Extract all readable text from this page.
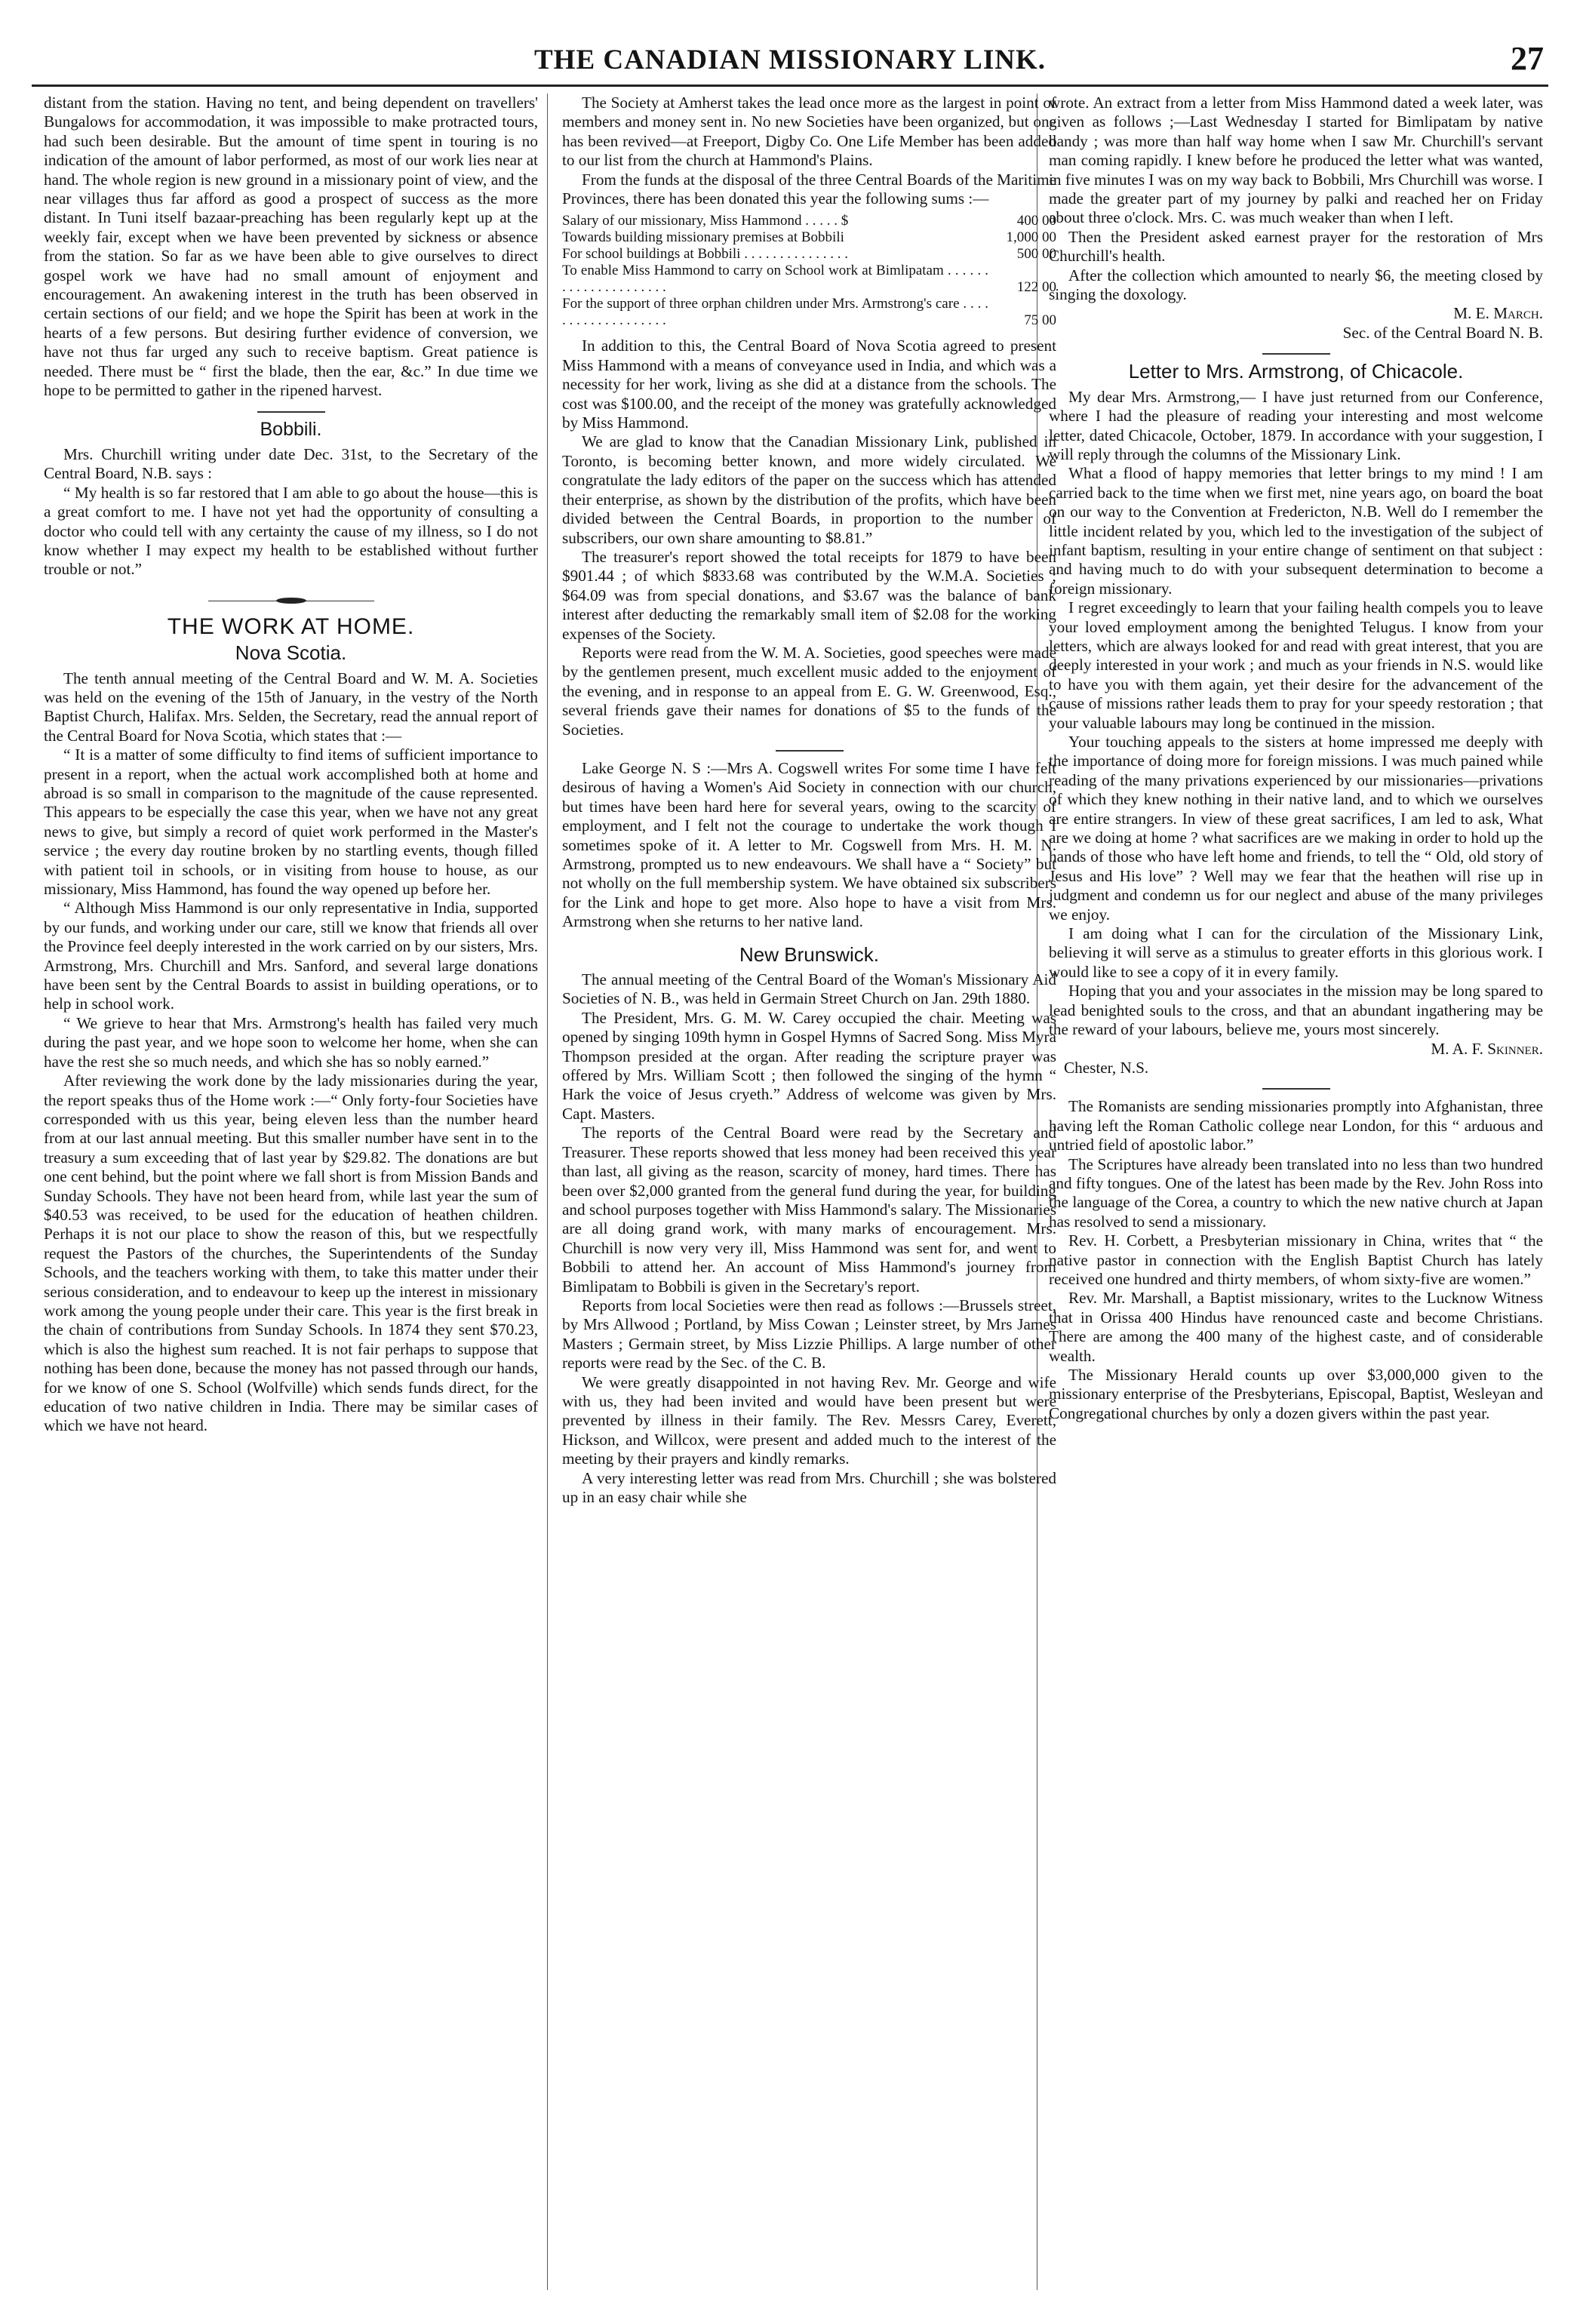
THE CANADIAN MISSIONARY LINK.	27

distant from the station. Having no tent, and being dependent on travellers' Bungalows for accommodation, it was impossible to make protracted tours, had such been desirable. But the amount of time spent in touring is no indication of the amount of labor performed, as most of our work lies near at hand. The whole region is new ground in a missionary point of view, and the near villages thus far afford as good a prospect of success as the more distant. In Tuni itself bazaar-preaching has been regularly kept up at the weekly fair, except when we have been prevented by sickness or absence from the station. So far as we have been able to give ourselves to direct gospel work we have had no small amount of enjoyment and encouragement. An awakening interest in the truth has been observed in certain sections of our field; and we hope the Spirit has been at work in the hearts of a few persons. But desiring further evidence of conversion, we have not thus far urged any such to receive baptism. Great patience is needed. There must be “ first the blade, then the ear, &c.” In due time we hope to be permitted to gather in the ripened harvest.

Bobbili.

Mrs. Churchill writing under date Dec. 31st, to the Secretary of the Central Board, N.B. says :

“ My health is so far restored that I am able to go about the house—this is a great comfort to me. I have not yet had the opportunity of consulting a doctor who could tell with any certainty the cause of my illness, so I do not know whether I may expect my health to be established without further trouble or not.”

THE WORK AT HOME.
Nova Scotia.

The tenth annual meeting of the Central Board and W. M. A. Societies was held on the evening of the 15th of January, in the vestry of the North Baptist Church, Halifax. Mrs. Selden, the Secretary, read the annual report of the Central Board for Nova Scotia, which states that :—

“ It is a matter of some difficulty to find items of sufficient importance to present in a report, when the actual work accomplished both at home and abroad is so small in comparison to the magnitude of the cause represented. This appears to be especially the case this year, when we have not any great news to give, but simply a record of quiet work performed in the Master's service ; the every day routine broken by no startling events, though filled with patient toil in schools, or in visiting from house to house, as our missionary, Miss Hammond, has found the way opened up before her.

“ Although Miss Hammond is our only representative in India, supported by our funds, and working under our care, still we know that friends all over the Province feel deeply interested in the work carried on by our sisters, Mrs. Armstrong, Mrs. Churchill and Mrs. Sanford, and several large donations have been sent by the Central Boards to assist in building operations, or to help in school work.

“ We grieve to hear that Mrs. Armstrong's health has failed very much during the past year, and we hope soon to welcome her home, when she can have the rest she so much needs, and which she has so nobly earned.”

After reviewing the work done by the lady missionaries during the year, the report speaks thus of the Home work :—“ Only forty-four Societies have corresponded with us this year, being eleven less than the number heard from at our last annual meeting. But this smaller number have sent in to the treasury a sum exceeding that of last year by $29.82. The donations are but one cent behind, but the point where we fall short is from Mission Bands and Sunday Schools. They have not been heard from, while last year the sum of $40.53 was received, to be used for the education of heathen children. Perhaps it is not our place to show the reason of this, but we respectfully request the Pastors of the churches, the Superintendents of the Sunday Schools, and the teachers working with them, to take this matter under their serious consideration, and to endeavour to keep up the interest in missionary work among the young people under their care. This year is the first break in the chain of contributions from Sunday Schools. In 1874 they sent $70.23, which is also the highest sum reached. It is not fair perhaps to suppose that nothing has been done, because the money has not passed through our hands, for we know of one S. School (Wolfville) which sends funds direct, for the education of two native children in India. There may be similar cases of which we have not heard.

The Society at Amherst takes the lead once more as the largest in point of members and money sent in. No new Societies have been organized, but one has been revived—at Freeport, Digby Co. One Life Member has been added to our list from the church at Hammond's Plains.

From the funds at the disposal of the three Central Boards of the Maritime Provinces, there has been donated this year the following sums :—

Salary of our missionary, Miss Hammond . . . . . $	400 00
Towards building missionary premises at Bobbili	1,000 00
For school buildings at Bobbili . . . . . . . . . . . . . . .	500 00
To enable Miss Hammond to carry on School work at Bimlipatam . . . . . . . . . . . . . . . . . . . . .	122 00
For the support of three orphan children under Mrs. Armstrong's care . . . . . . . . . . . . . . . . . . .	75 00

In addition to this, the Central Board of Nova Scotia agreed to present Miss Hammond with a means of conveyance used in India, and which was a necessity for her work, living as she did at a distance from the schools. The cost was $100.00, and the receipt of the money was gratefully acknowledged by Miss Hammond.

We are glad to know that the Canadian Missionary Link, published in Toronto, is becoming better known, and more widely circulated. We congratulate the lady editors of the paper on the success which has attended their enterprise, as shown by the distribution of the profits, which have been divided between the Central Boards, in proportion to the number of subscribers, our own share amounting to $8.81.”

The treasurer's report showed the total receipts for 1879 to have been $901.44 ; of which $833.68 was contributed by the W.M.A. Societies ; $64.09 was from special donations, and $3.67 was the balance of bank interest after deducting the remarkably small item of $2.08 for the working expenses of the Society.

Reports were read from the W. M. A. Societies, good speeches were made by the gentlemen present, much excellent music added to the enjoyment of the evening, and in response to an appeal from E. G. W. Greenwood, Esq., several friends gave their names for donations of $5 to the funds of the Societies.

Lake George N. S :—Mrs A. Cogswell writes For some time I have felt desirous of having a Women's Aid Society in connection with our church, but times have been hard here for several years, owing to the scarcity of employment, and I felt not the courage to undertake the work though I sometimes spoke of it. A letter to Mr. Cogswell from Mrs. H. M. N. Armstrong, prompted us to new endeavours. We shall have a “ Society” but not wholly on the full membership system. We have obtained six subscribers for the Link and hope to get more. Also hope to have a visit from Mrs. Armstrong when she returns to her native land.

New Brunswick.

The annual meeting of the Central Board of the Woman's Missionary Aid Societies of N. B., was held in Germain Street Church on Jan. 29th 1880.

The President, Mrs. G. M. W. Carey occupied the chair. Meeting was opened by singing 109th hymn in Gospel Hymns of Sacred Song. Miss Myra Thompson presided at the organ. After reading the scripture prayer was offered by Mrs. William Scott ; then followed the singing of the hymn “ Hark the voice of Jesus cryeth.” Address of welcome was given by Mrs. Capt. Masters.

The reports of the Central Board were read by the Secretary and Treasurer. These reports showed that less money had been received this year than last, all giving as the reason, scarcity of money, hard times. There has been over $2,000 granted from the general fund during the year, for building and school purposes together with Miss Hammond's salary. The Missionaries are all doing grand work, with many marks of encouragement. Mrs. Churchill is now very very ill, Miss Hammond was sent for, and went to Bobbili to attend her. An account of Miss Hammond's journey from Bimlipatam to Bobbili is given in the Secretary's report.

Reports from local Societies were then read as follows :—Brussels street, by Mrs Allwood ; Portland, by Miss Cowan ; Leinster street, by Mrs James Masters ; Germain street, by Miss Lizzie Phillips. A large number of other reports were read by the Sec. of the C. B.

We were greatly disappointed in not having Rev. Mr. George and wife with us, they had been invited and would have been present but were prevented by illness in their family. The Rev. Messrs Carey, Everett, Hickson, and Willcox, were present and added much to the interest of the meeting by their prayers and kindly remarks.

A very interesting letter was read from Mrs. Churchill ; she was bolstered up in an easy chair while she

wrote. An extract from a letter from Miss Hammond dated a week later, was given as follows ;—Last Wednesday I started for Bimlipatam by native bandy ; was more than half way home when I saw Mr. Churchill's servant man coming rapidly. I knew before he produced the letter what was wanted, in five minutes I was on my way back to Bobbili, Mrs Churchill was worse. I made the greater part of my journey by palki and reached her on Friday about three o'clock. Mrs. C. was much weaker than when I left.

Then the President asked earnest prayer for the restoration of Mrs Churchill's health.

After the collection which amounted to nearly $6, the meeting closed by singing the doxology.

M. E. March.

Sec. of the Central Board N. B.

Letter to Mrs. Armstrong, of Chicacole.

My dear Mrs. Armstrong,— I have just returned from our Conference, where I had the pleasure of reading your interesting and most welcome letter, dated Chicacole, October, 1879. In accordance with your suggestion, I will reply through the columns of the Missionary Link.

What a flood of happy memories that letter brings to my mind ! I am carried back to the time when we first met, nine years ago, on board the boat on our way to the Convention at Fredericton, N.B. Well do I remember the little incident related by you, which led to the investigation of the subject of infant baptism, resulting in your entire change of sentiment on that subject : and having much to do with your subsequent determination to become a foreign missionary.

I regret exceedingly to learn that your failing health compels you to leave your loved employment among the benighted Telugus. I know from your letters, which are always looked for and read with great interest, that you are deeply interested in your work ; and much as your friends in N.S. would like to have you with them again, yet their desire for the advancement of the cause of missions rather leads them to pray for your speedy restoration ; that your valuable labours may long be continued in the mission.

Your touching appeals to the sisters at home impressed me deeply with the importance of doing more for foreign missions. I was much pained while reading of the many privations experienced by our missionaries—privations of which they knew nothing in their native land, and to which we ourselves are entire strangers. In view of these great sacrifices, I am led to ask, What are we doing at home ? what sacrifices are we making in order to hold up the hands of those who have left home and friends, to tell the “ Old, old story of Jesus and His love” ? Well may we fear that the heathen will rise up in judgment and condemn us for our neglect and abuse of the many privileges we enjoy.

I am doing what I can for the circulation of the Missionary Link, believing it will serve as a stimulus to greater efforts in this glorious work. I would like to see a copy of it in every family.

Hoping that you and your associates in the mission may be long spared to lead benighted souls to the cross, and that an abundant ingathering may be the reward of your labours, believe me, yours most sincerely.

M. A. F. Skinner.

Chester, N.S.

The Romanists are sending missionaries promptly into Afghanistan, three having left the Roman Catholic college near London, for this “ arduous and untried field of apostolic labor.”

The Scriptures have already been translated into no less than two hundred and fifty tongues. One of the latest has been made by the Rev. John Ross into the language of the Corea, a country to which the new native church at Japan has resolved to send a missionary.

Rev. H. Corbett, a Presbyterian missionary in China, writes that “ the native pastor in connection with the English Baptist Church has lately received one hundred and thirty members, of whom sixty-five are women.”

Rev. Mr. Marshall, a Baptist missionary, writes to the Lucknow Witness that in Orissa 400 Hindus have renounced caste and become Christians. There are among the 400 many of the highest caste, and of considerable wealth.

The Missionary Herald counts up over $3,000,000 given to the missionary enterprise of the Presbyterians, Episcopal, Baptist, Wesleyan and Congregational churches by only a dozen givers within the past year.
